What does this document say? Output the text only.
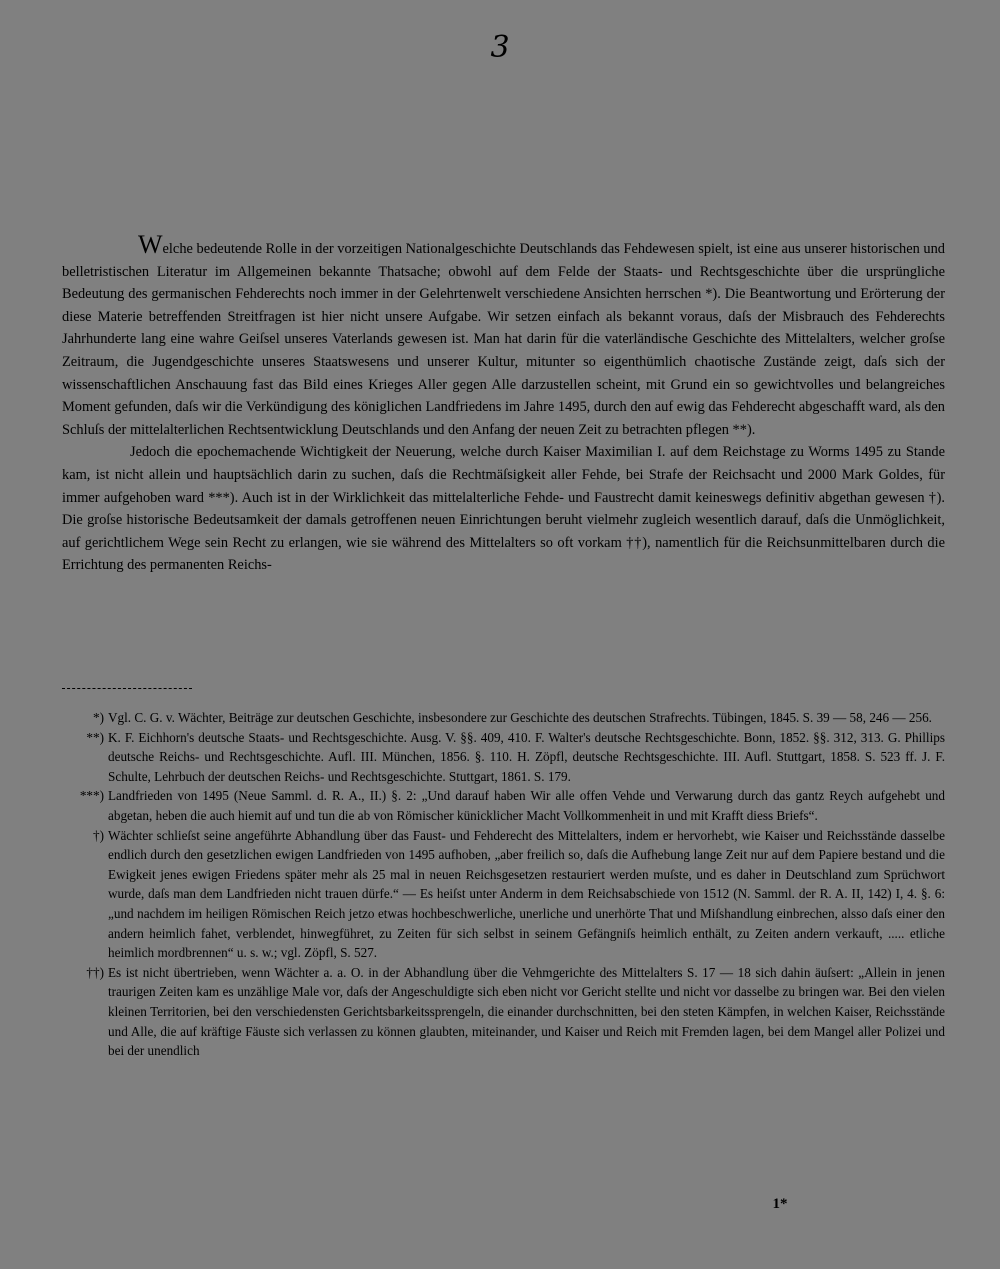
3

Welche bedeutende Rolle in der vorzeitigen Nationalgeschichte Deutschlands das Fehdewesen spielt, ist eine aus unserer historischen und belletristischen Literatur im Allgemeinen bekannte Thatsache; obwohl auf dem Felde der Staats- und Rechtsgeschichte über die ursprüngliche Bedeutung des germanischen Fehderechts noch immer in der Gelehrtenwelt verschiedene Ansichten herrschen *). Die Beantwortung und Erörterung der diese Materie betreffenden Streitfragen ist hier nicht unsere Aufgabe. Wir setzen einfach als bekannt voraus, daſs der Misbrauch des Fehderechts Jahrhunderte lang eine wahre Geiſsel unseres Vaterlands gewesen ist. Man hat darin für die vaterländische Geschichte des Mittelalters, welcher groſse Zeitraum, die Jugendgeschichte unseres Staatswesens und unserer Kultur, mitunter so eigenthümlich chaotische Zustände zeigt, daſs sich der wissenschaftlichen Anschauung fast das Bild eines Krieges Aller gegen Alle darzustellen scheint, mit Grund ein so gewichtvolles und belangreiches Moment gefunden, daſs wir die Verkündigung des königlichen Landfriedens im Jahre 1495, durch den auf ewig das Fehderecht abgeschafft ward, als den Schluſs der mittelalterlichen Rechtsentwicklung Deutschlands und den Anfang der neuen Zeit zu betrachten pflegen **).

Jedoch die epochemachende Wichtigkeit der Neuerung, welche durch Kaiser Maximilian I. auf dem Reichstage zu Worms 1495 zu Stande kam, ist nicht allein und hauptsächlich darin zu suchen, daſs die Rechtmäſsigkeit aller Fehde, bei Strafe der Reichsacht und 2000 Mark Goldes, für immer aufgehoben ward ***). Auch ist in der Wirklichkeit das mittelalterliche Fehde- und Faustrecht damit keineswegs definitiv abgethan gewesen †). Die groſse historische Bedeutsamkeit der damals getroffenen neuen Einrichtungen beruht vielmehr zugleich wesentlich darauf, daſs die Unmöglichkeit, auf gerichtlichem Wege sein Recht zu erlangen, wie sie während des Mittelalters so oft vorkam ††), namentlich für die Reichsunmittelbaren durch die Errichtung des permanenten Reichs-

*) Vgl. C. G. v. Wächter, Beiträge zur deutschen Geschichte, insbesondere zur Geschichte des deutschen Strafrechts. Tübingen, 1845. S. 39 — 58, 246 — 256.
**) K. F. Eichhorn's deutsche Staats- und Rechtsgeschichte. Ausg. V. §§. 409, 410. F. Walter's deutsche Rechtsgeschichte. Bonn, 1852. §§. 312, 313. G. Phillips deutsche Reichs- und Rechtsgeschichte. Aufl. III. München, 1856. §. 110. H. Zöpfl, deutsche Rechtsgeschichte. III. Aufl. Stuttgart, 1858. S. 523 ff. J. F. Schulte, Lehrbuch der deutschen Reichs- und Rechtsgeschichte. Stuttgart, 1861. S. 179.
***) Landfrieden von 1495 (Neue Samml. d. R. A., II.) §. 2: „Und darauf haben Wir alle offen Vehde und Verwarung durch das gantz Reych aufgehebt und abgetan, heben die auch hiemit auf und tun die ab von Römischer künicklicher Macht Vollkommenheit in und mit Krafft diess Briefs“.
†) Wächter schlieſst seine angeführte Abhandlung über das Faust- und Fehderecht des Mittelalters, indem er hervorhebt, wie Kaiser und Reichsstände dasselbe endlich durch den gesetzlichen ewigen Landfrieden von 1495 aufhoben, „aber freilich so, daſs die Aufhebung lange Zeit nur auf dem Papiere bestand und die Ewigkeit jenes ewigen Friedens später mehr als 25 mal in neuen Reichsgesetzen restauriert werden muſste, und es daher in Deutschland zum Sprüchwort wurde, daſs man dem Landfrieden nicht trauen dürfe.“ — Es heiſst unter Anderm in dem Reichsabschiede von 1512 (N. Samml. der R. A. II, 142) I, 4. §. 6: „und nachdem im heiligen Römischen Reich jetzo etwas hochbeschwerliche, unerliche und unerhörte That und Miſshandlung einbrechen, alsso daſs einer den andern heimlich fahet, verblendet, hinwegführet, zu Zeiten für sich selbst in seinem Gefängniſs heimlich enthält, zu Zeiten andern verkauft, ..... etliche heimlich mordbrennen“ u. s. w.; vgl. Zöpfl, S. 527.
††) Es ist nicht übertrieben, wenn Wächter a. a. O. in der Abhandlung über die Vehmgerichte des Mittelalters S. 17 — 18 sich dahin äuſsert: „Allein in jenen traurigen Zeiten kam es unzählige Male vor, daſs der Angeschuldigte sich eben nicht vor Gericht stellte und nicht vor dasselbe zu bringen war. Bei den vielen kleinen Territorien, bei den verschiedensten Gerichtsbarkeitssprengeln, die einander durchschnitten, bei den steten Kämpfen, in welchen Kaiser, Reichsstände und Alle, die auf kräftige Fäuste sich verlassen zu können glaubten, miteinander, und Kaiser und Reich mit Fremden lagen, bei dem Mangel aller Polizei und bei der unendlich
1*
